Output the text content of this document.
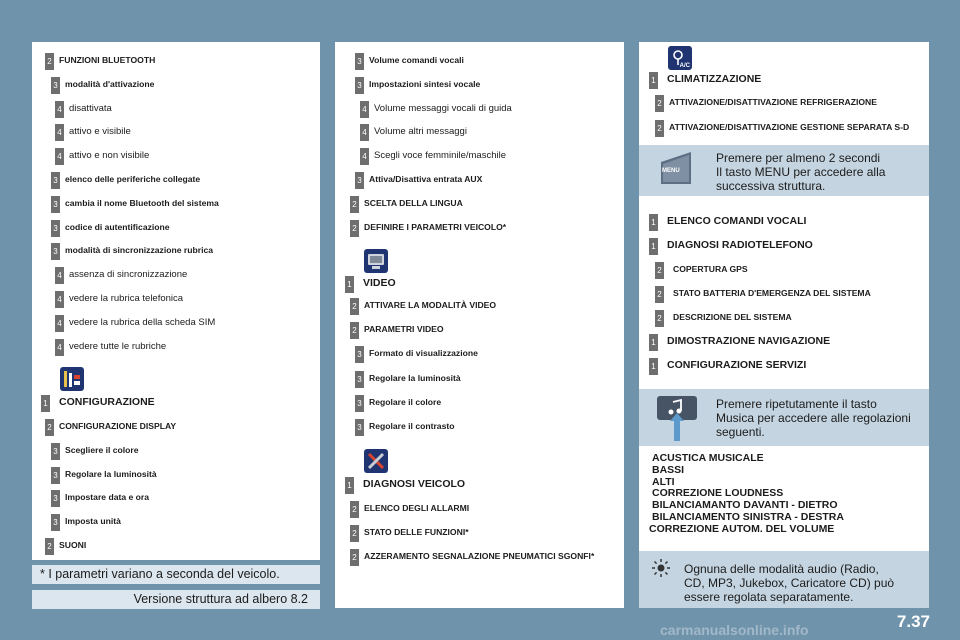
2 FUNZIONI BLUETOOTH
3 modalità d'attivazione
4 disattivata
4 attivo e visibile
4 attivo e non visibile
3 elenco delle periferiche collegate
3 cambia il nome Bluetooth del sistema
3 codice di autentificazione
3 modalità di sincronizzazione rubrica
4 assenza di sincronizzazione
4 vedere la rubrica telefonica
4 vedere la rubrica della scheda SIM
4 vedere tutte le rubriche
1 CONFIGURAZIONE
2 CONFIGURAZIONE DISPLAY
3 Scegliere il colore
3 Regolare la luminosità
3 Impostare data e ora
3 Imposta unità
2 SUONI
* I parametri variano a seconda del veicolo.
Versione struttura ad albero 8.2
3 Volume comandi vocali
3 Impostazioni sintesi vocale
4 Volume messaggi vocali di guida
4 Volume altri messaggi
4 Scegli voce femminile/maschile
3 Attiva/Disattiva entrata AUX
2 SCELTA DELLA LINGUA
2 DEFINIRE I PARAMETRI VEICOLO*
1 VIDEO
2 ATTIVARE LA MODALITÀ VIDEO
2 PARAMETRI VIDEO
3 Formato di visualizzazione
3 Regolare la luminosità
3 Regolare il colore
3 Regolare il contrasto
1 DIAGNOSI VEICOLO
2 ELENCO DEGLI ALLARMI
2 STATO DELLE FUNZIONI*
2 AZZERAMENTO SEGNALAZIONE PNEUMATICI SGONFI*
A/C
1 CLIMATIZZAZIONE
2 ATTIVAZIONE/DISATTIVAZIONE REFRIGERAZIONE
2 ATTIVAZIONE/DISATTIVAZIONE GESTIONE SEPARATA S-D
MENU
Premere per almeno 2 secondi
Il tasto MENU per accedere alla
successiva struttura.
1 ELENCO COMANDI VOCALI
1 DIAGNOSI RADIOTELEFONO
2 COPERTURA GPS
2 STATO BATTERIA D'EMERGENZA DEL SISTEMA
2 DESCRIZIONE DEL SISTEMA
1 DIMOSTRAZIONE NAVIGAZIONE
1 CONFIGURAZIONE SERVIZI
Premere ripetutamente il tasto
Musica per accedere alle regolazioni
seguenti.
ACUSTICA MUSICALE
BASSI
ALTI
CORREZIONE LOUDNESS
BILANCIAMANTO DAVANTI - DIETRO
BILANCIAMENTO SINISTRA - DESTRA
CORREZIONE AUTOM. DEL VOLUME
Ognuna delle modalità audio (Radio,
CD, MP3, Jukebox, Caricatore CD) può
essere regolata separatamente.
7.37
carmanualsonline.info
